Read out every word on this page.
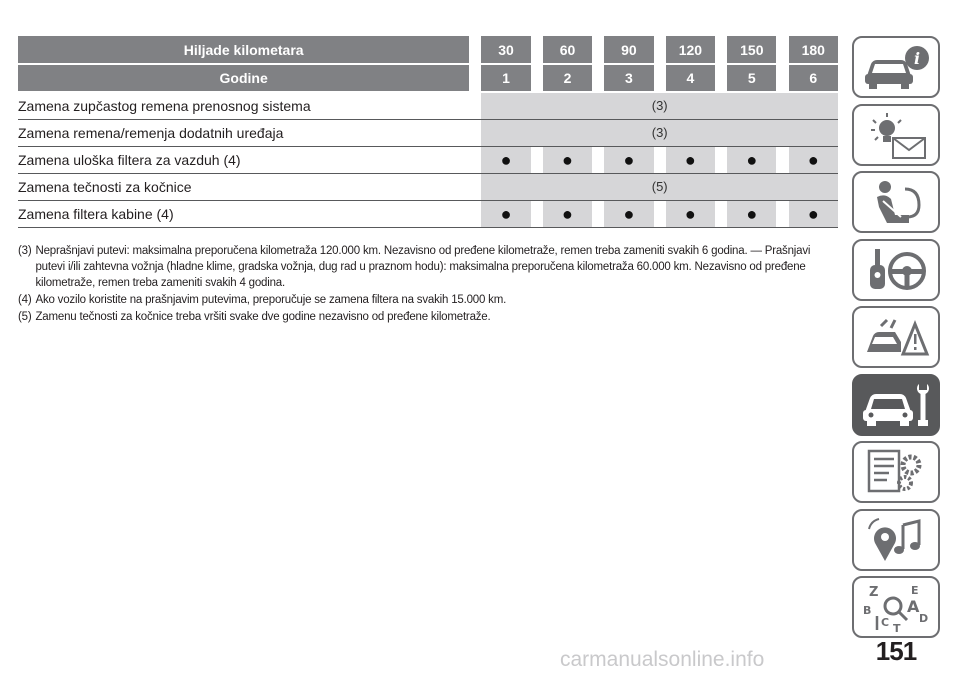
Hiljade kilometara		30		60		90		120		150		180
Godine		1		2		3		4		5		6
Zamena zupčastog remena prenosnog sistema		(3)										
Zamena remena/remenja dodatnih uređaja		(3)										
Zamena uloška filtera za vazduh (4)		●		●		●		●		●		●
Zamena tečnosti za kočnice		(5)										
Zamena filtera kabine (4)		●		●		●		●		●		●
(3) Neprašnjavi putevi: maksimalna preporučena kilometraža 120.000 km. Nezavisno od pređene kilometraže, remen treba zameniti svakih 6 godina. — Prašnjavi putevi i/ili zahtevna vožnja (hladne klime, gradska vožnja, dug rad u praznom hodu): maksimalna preporučena kilometraža 60.000 km. Nezavisno od pređene kilometraže, remen treba zameniti svakih 4 godina.
(4) Ako vozilo koristite na prašnjavim putevima, preporučuje se zamena filtera na svakih 15.000 km.
(5) Zamenu tečnosti za kočnice treba vršiti svake dve godine nezavisno od pređene kilometraže.
i
Z	E
B A
C	D
T
151
carmanualsonline.info
